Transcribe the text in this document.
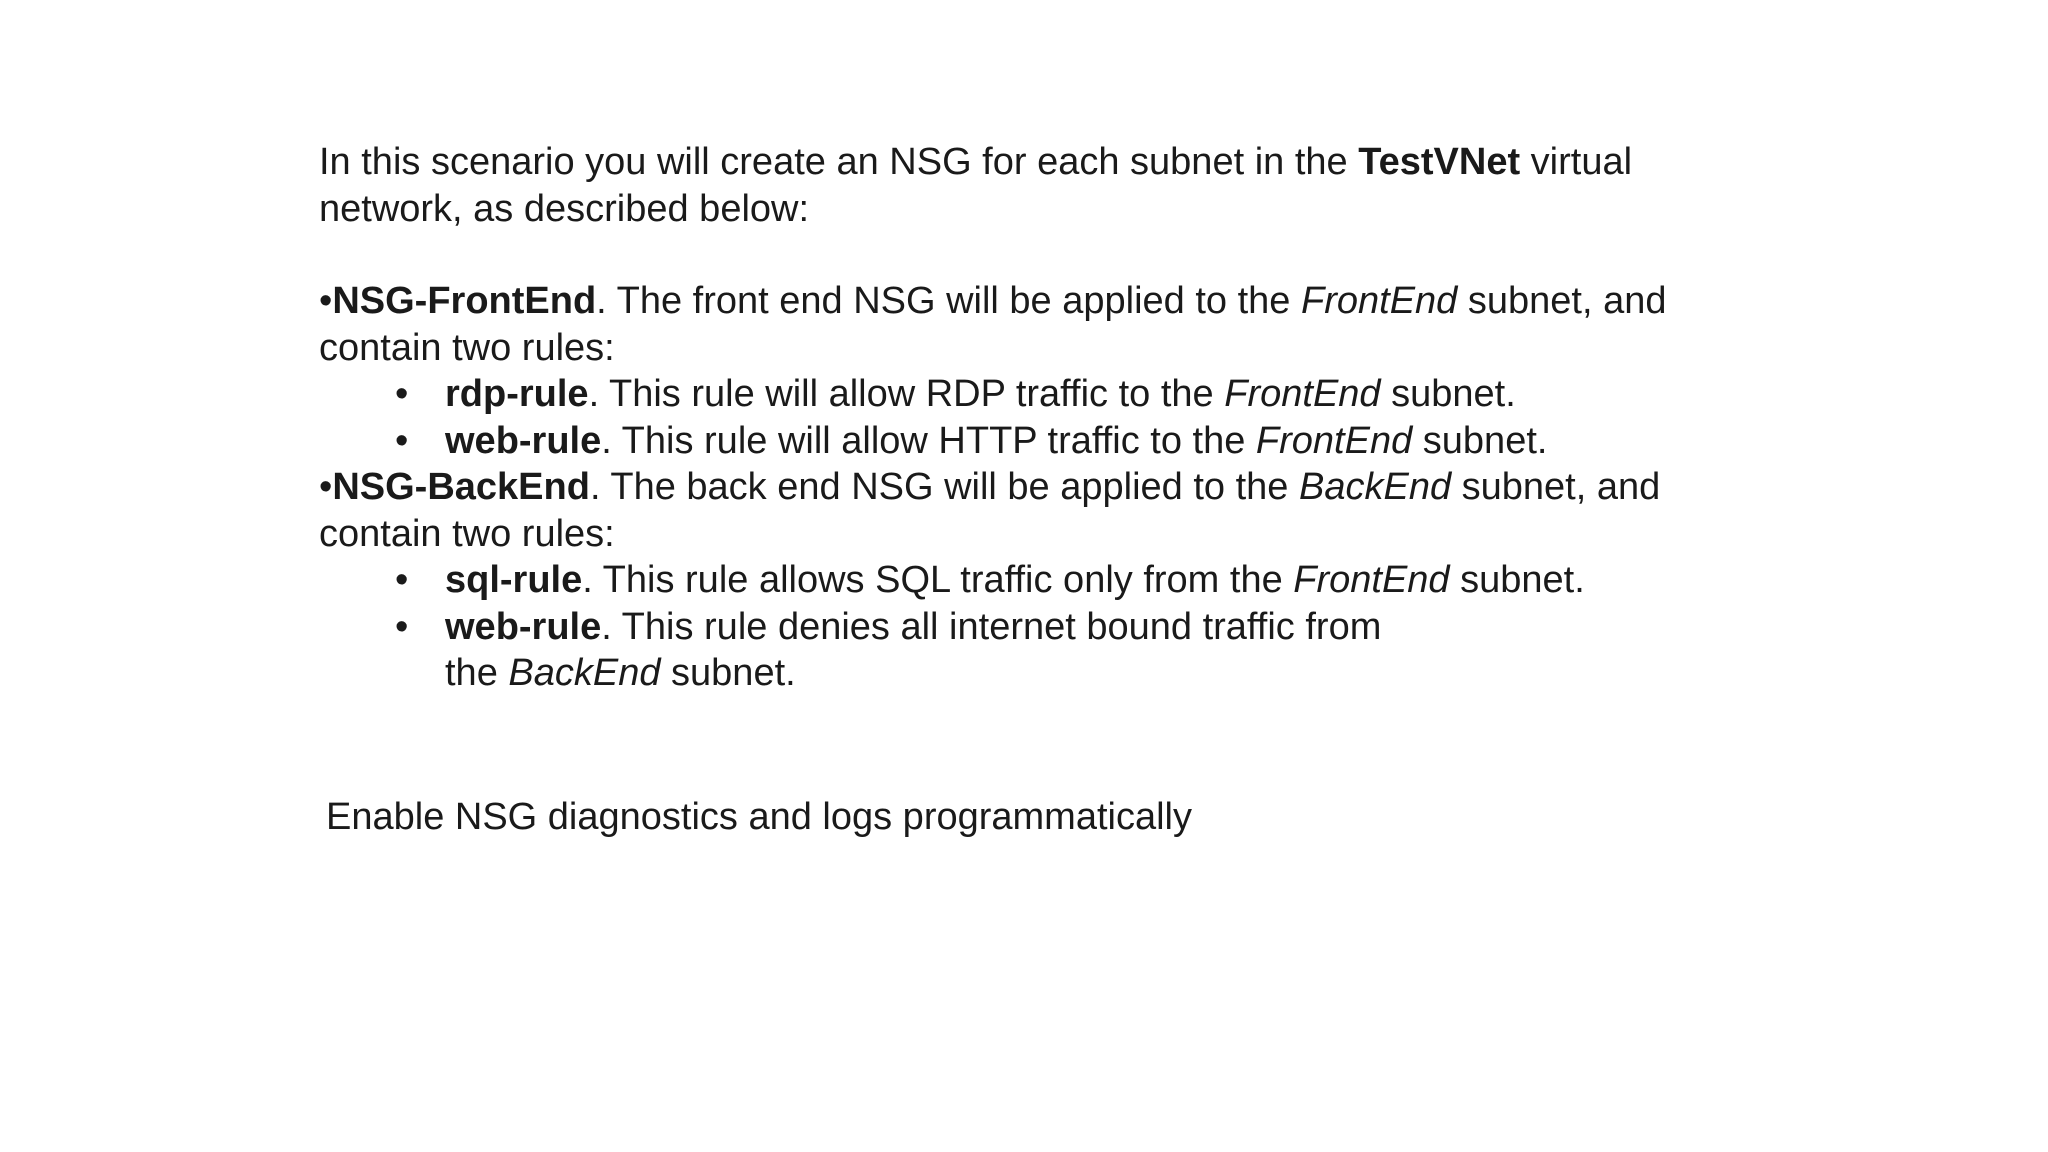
In this scenario you will create an NSG for each subnet in the TestVNet virtual network, as described below:

•NSG-FrontEnd. The front end NSG will be applied to the FrontEnd subnet, and contain two rules:

• rdp-rule. This rule will allow RDP traffic to the FrontEnd subnet.
• web-rule. This rule will allow HTTP traffic to the FrontEnd subnet.

•NSG-BackEnd. The back end NSG will be applied to the BackEnd subnet, and contain two rules:

• sql-rule. This rule allows SQL traffic only from the FrontEnd subnet.
• web-rule. This rule denies all internet bound traffic from
the BackEnd subnet.
Enable NSG diagnostics and logs programmatically
